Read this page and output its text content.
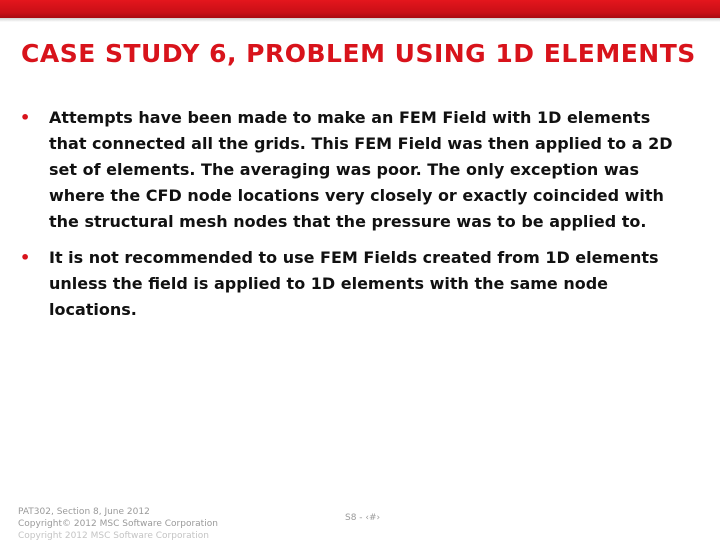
CASE STUDY 6, PROBLEM USING 1D ELEMENTS
• Attempts have been made to make an FEM Field with 1D elements that connected all the grids. This FEM Field was then applied to a 2D set of elements. The averaging was poor. The only exception was where the CFD node locations very closely or exactly coincided with the structural mesh nodes that the pressure was to be applied to.
• It is not recommended to use FEM Fields created from 1D elements unless the field is applied to 1D elements with the same node locations.
PAT302, Section 8, June 2012
Copyright© 2012 MSC Software Corporation
Copyright 2012 MSC Software Corporation
S8 - ‹#›
